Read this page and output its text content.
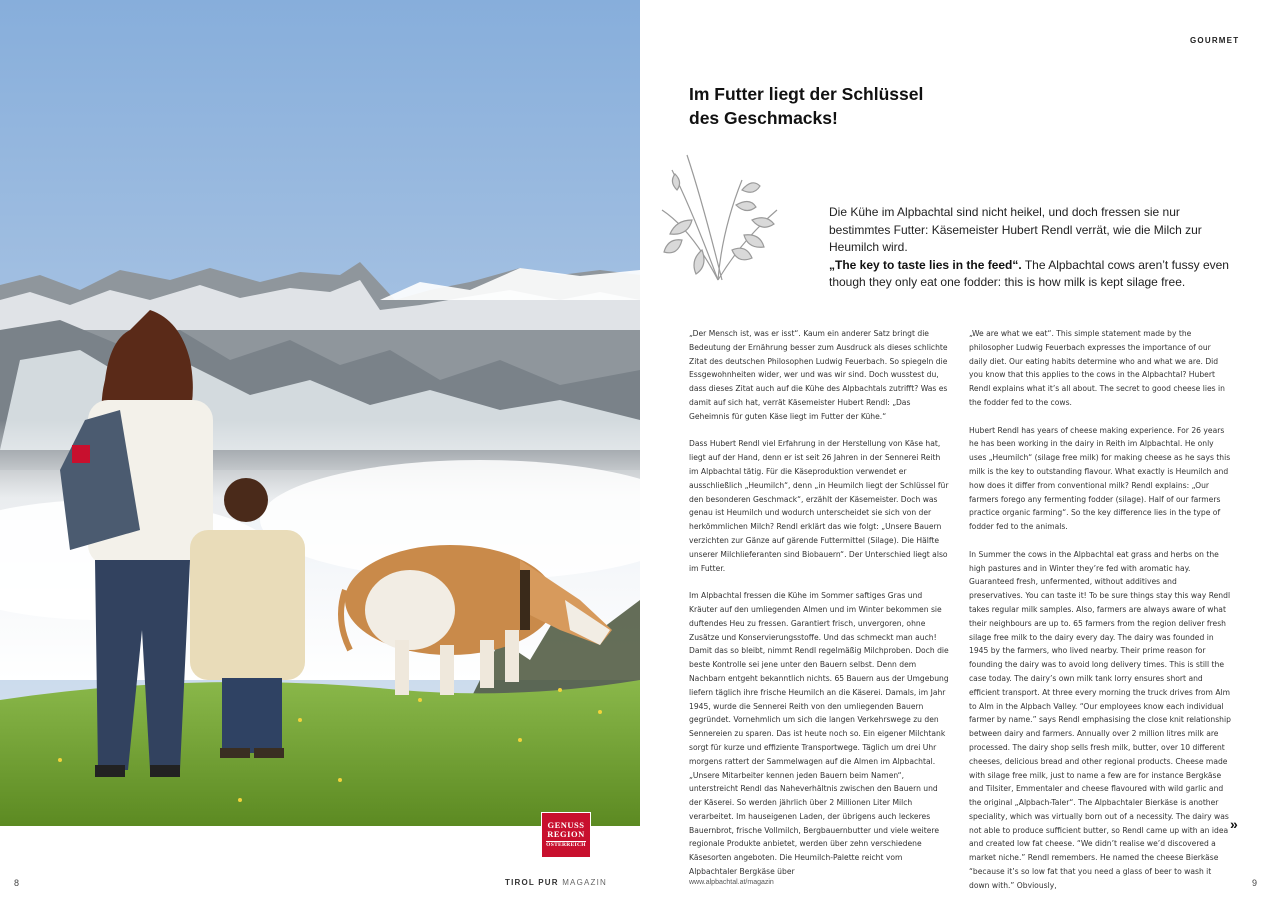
GENUSS
REGION
ÖSTERREICH
8	TIROL PUR MAGAZIN
GOURMET
Im Futter liegt der Schlüssel
des Geschmacks!
Die Kühe im Alpbachtal sind nicht heikel, und doch fressen sie nur bestimmtes Futter: Käsemeister Hubert Rendl verrät, wie die Milch zur Heumilch wird.
„The key to taste lies in the feed“. The Alpbachtal cows aren’t fussy even though they only eat one fodder: this is how milk is kept silage free.

„Der Mensch ist, was er isst“. Kaum ein anderer Satz bringt die Bedeutung der Ernährung besser zum Ausdruck als dieses schlichte Zitat des deutschen Philosophen Ludwig Feuerbach. So spiegeln die Essgewohnheiten wider, wer und was wir sind. Doch wusstest du, dass dieses Zitat auch auf die Kühe des Alpbachtals zutrifft? Was es damit auf sich hat, verrät Käsemeister Hubert Rendl: „Das Geheimnis für guten Käse liegt im Futter der Kühe.“

Dass Hubert Rendl viel Erfahrung in der Herstellung von Käse hat, liegt auf der Hand, denn er ist seit 26 Jahren in der Sennerei Reith im Alpbachtal tätig. Für die Käseproduktion verwendet er ausschließlich „Heumilch“, denn „in Heumilch liegt der Schlüssel für den besonderen Geschmack“, erzählt der Käsemeister. Doch was genau ist Heumilch und wodurch unterscheidet sie sich von der herkömmlichen Milch? Rendl erklärt das wie folgt: „Unsere Bauern verzichten zur Gänze auf gärende Futtermittel (Silage). Die Hälfte unserer Milchlieferanten sind Biobauern“. Der Unterschied liegt also im Futter.

Im Alpbachtal fressen die Kühe im Sommer saftiges Gras und Kräuter auf den umliegenden Almen und im Winter bekommen sie duftendes Heu zu fressen. Garantiert frisch, unvergoren, ohne Zusätze und Konservierungsstoffe. Und das schmeckt man auch! Damit das so bleibt, nimmt Rendl regelmäßig Milchproben. Doch die beste Kontrolle sei jene unter den Bauern selbst. Denn dem Nachbarn entgeht bekanntlich nichts. 65 Bauern aus der Umgebung liefern täglich ihre frische Heumilch an die Käserei. Damals, im Jahr 1945, wurde die Sennerei Reith von den umliegenden Bauern gegründet. Vornehmlich um sich die langen Verkehrswege zu den Sennereien zu sparen. Das ist heute noch so. Ein eigener Milchtank sorgt für kurze und effiziente Transportwege. Täglich um drei Uhr morgens rattert der Sammelwagen auf die Almen im Alpbachtal. „Unsere Mitarbeiter kennen jeden Bauern beim Namen“, unterstreicht Rendl das Naheverhältnis zwischen den Bauern und der Käserei. So werden jährlich über 2 Millionen Liter Milch verarbeitet. Im hauseigenen Laden, der übrigens auch leckeres Bauernbrot, frische Vollmilch, Bergbauernbutter und viele weitere regionale Produkte anbietet, werden über zehn verschiedene Käsesorten angeboten. Die Heumilch-Palette reicht vom Alpbachtaler Bergkäse über

„We are what we eat“. This simple statement made by the philosopher Ludwig Feuerbach expresses the importance of our daily diet. Our eating habits determine who and what we are. Did you know that this applies to the cows in the Alpbachtal? Hubert Rendl explains what it’s all about. The secret to good cheese lies in the fodder fed to the cows.

Hubert Rendl has years of cheese making experience. For 26 years he has been working in the dairy in Reith im Alpbachtal. He only uses „Heumilch“ (silage free milk) for making cheese as he says this milk is the key to outstanding flavour. What exactly is Heumilch and how does it differ from conventional milk? Rendl explains: „Our farmers forego any fermenting fodder (silage). Half of our farmers practice organic farming“. So the key difference lies in the type of fodder fed to the animals.

In Summer the cows in the Alpbachtal eat grass and herbs on the high pastures and in Winter they’re fed with aromatic hay. Guaranteed fresh, unfermented, without additives and preservatives. You can taste it! To be sure things stay this way Rendl takes regular milk samples. Also, farmers are always aware of what their neighbours are up to. 65 farmers from the region deliver fresh silage free milk to the dairy every day. The dairy was founded in 1945 by the farmers, who lived nearby. Their prime reason for founding the dairy was to avoid long delivery times. This is still the case today. The dairy’s own milk tank lorry ensures short and efficient transport. At three every morning the truck drives from Alm to Alm in the Alpbach Valley. “Our employees know each individual farmer by name.” says Rendl emphasising the close knit relationship between dairy and farmers. Annually over 2 million litres milk are processed. The dairy shop sells fresh milk, butter, over 10 different cheeses, delicious bread and other regional products. Cheese made with silage free milk, just to name a few are for instance Bergkäse and Tilsiter, Emmentaler and cheese flavoured with wild garlic and the original „Alpbach-Taler“. The Alpbachtaler Bierkäse is another speciality, which was virtually born out of a necessity. The dairy was not able to produce sufficient butter, so Rendl came up with an idea and created low fat cheese. “We didn’t realise we’d discovered a market niche.” Rendl remembers. He named the cheese Bierkäse “because it’s so low fat that you need a glass of beer to wash it down with.” Obviously,

»
www.alpbachtal.at/magazin	9
